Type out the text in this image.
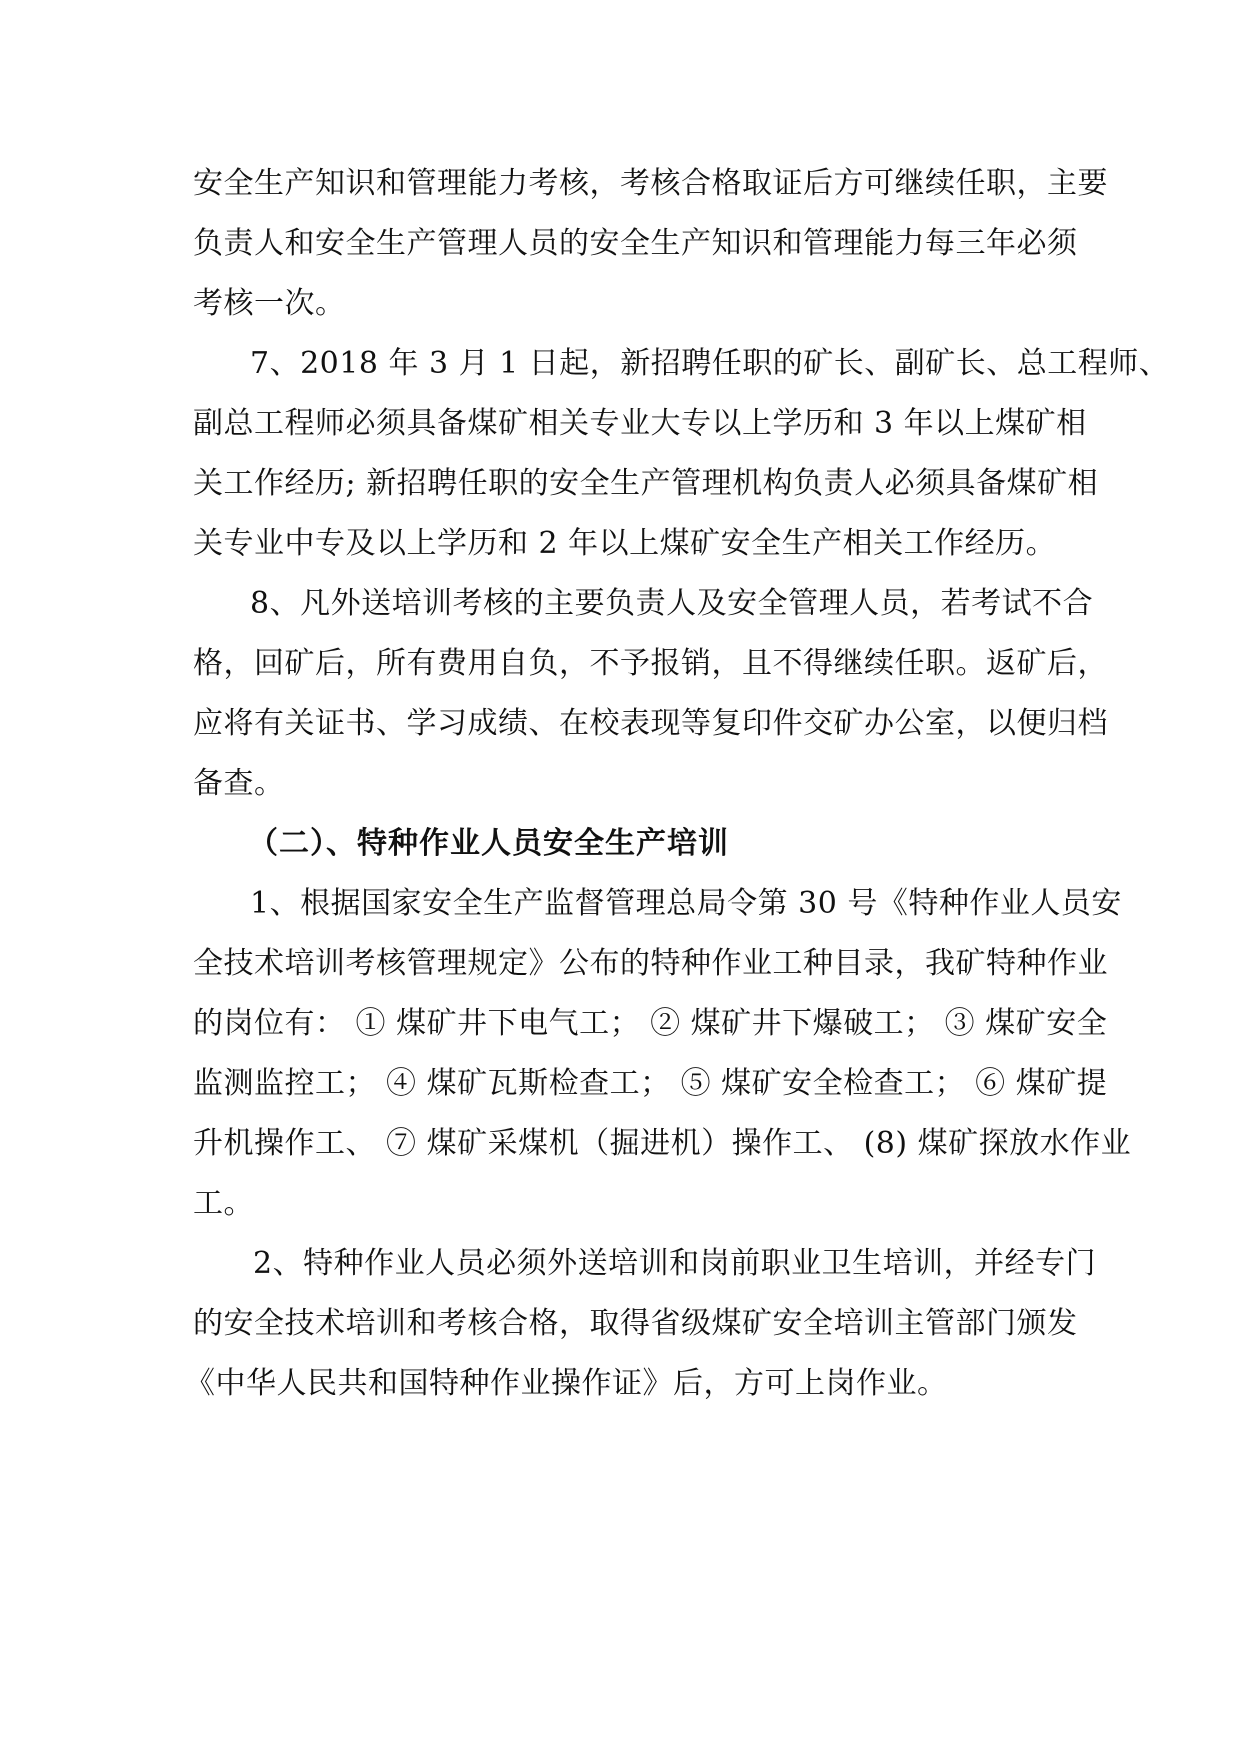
安全生产知识和管理能力考核，考核合格取证后方可继续任职，主要
负责人和安全生产管理人员的安全生产知识和管理能力每三年必须
考核一次。
7、2018 年 3 月 1 日起，新招聘任职的矿长、副矿长、总工程师、
副总工程师必须具备煤矿相关专业大专以上学历和 3 年以上煤矿相
关工作经历; 新招聘任职的安全生产管理机构负责人必须具备煤矿相
关专业中专及以上学历和 2 年以上煤矿安全生产相关工作经历。
8、凡外送培训考核的主要负责人及安全管理人员，若考试不合
格，回矿后，所有费用自负，不予报销，且不得继续任职。返矿后，
应将有关证书、学习成绩、在校表现等复印件交矿办公室，以便归档
备查。
（二）、特种作业人员安全生产培训
1、根据国家安全生产监督管理总局令第 30 号《特种作业人员安
全技术培训考核管理规定》公布的特种作业工种目录，我矿特种作业
的岗位有： ① 煤矿井下电气工； ② 煤矿井下爆破工； ③ 煤矿安全
监测监控工； ④ 煤矿瓦斯检查工； ⑤ 煤矿安全检查工； ⑥ 煤矿提
升机操作工、 ⑦ 煤矿采煤机（掘进机）操作工、 (8) 煤矿探放水作业
工。
2、特种作业人员必须外送培训和岗前职业卫生培训，并经专门
的安全技术培训和考核合格，取得省级煤矿安全培训主管部门颁发
《中华人民共和国特种作业操作证》后，方可上岗作业。
